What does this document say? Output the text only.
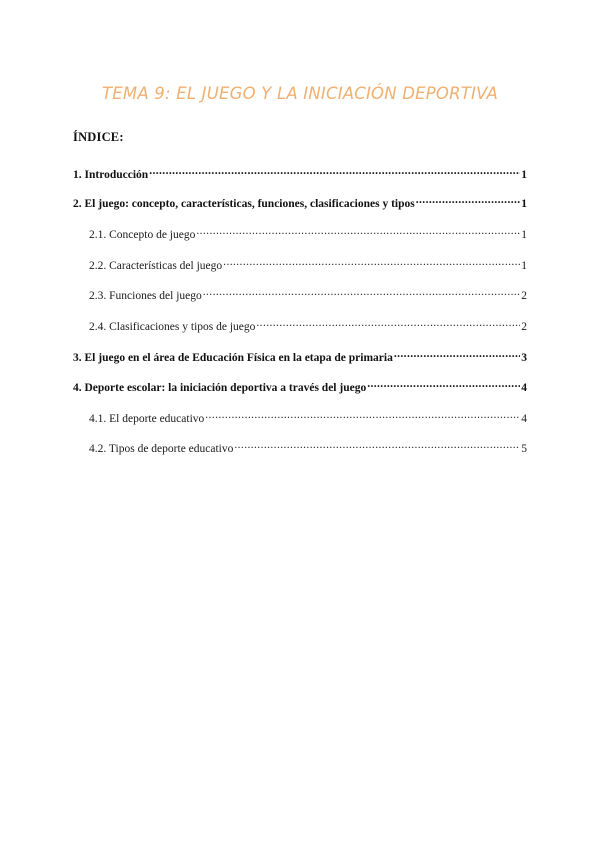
TEMA 9: EL JUEGO Y LA INICIACIÓN DEPORTIVA
ÍNDICE:
1. Introducción .....	1
2. El juego: concepto, características, funciones, clasificaciones y tipos .....	1
2.1. Concepto de juego .....	1
2.2. Características del juego .....	1
2.3. Funciones del juego .....	2
2.4. Clasificaciones y tipos de juego .....	2
3. El juego en el área de Educación Física en la etapa de primaria .....	3
4. Deporte escolar: la iniciación deportiva a través del juego .....	4
4.1. El deporte educativo .....	4
4.2. Tipos de deporte educativo .....	5
